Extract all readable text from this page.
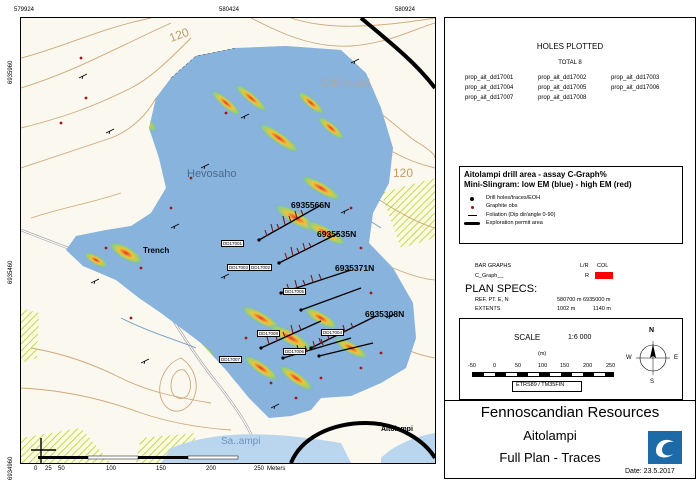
579924	580424	580924
6935960
6935460
6934960
Ollinmäki
Hevosaho
Trench
Aitolampi
Sa..ampi
120
120
6935566N
6935535N
6935371N
6935308N
DD17001
DD17002
DD17003
DD17004
DD17005
DD17006
DD17007
DD17008
0 25 50	100	150	200	250 Meters
HOLES PLOTTED
TOTAL 8
prop_ait_dd17001	prop_ait_dd17002	prop_ait_dd17003
prop_ait_dd17004	prop_ait_dd17005	prop_ait_dd17006
prop_ait_dd17007	prop_ait_dd17008
Aitolampi drill area - assay C-Graph%
Mini-Slingram: low EM (blue) - high EM (red)
Drill holes/traces/EOH
Graphite obs
Foliation (Dip dir/angle 0-90)
Exploration permit area
BAR GRAPHS	L/R COL
C_Graph__	R
PLAN SPECS:
REF. PT. E, N	580700 m 6935000 m
EXTENTS	1002 m	1140 m
SCALE	1:6 000
(m)
-50	0	50	100 150	200	250
ETRS89 / TM35FIN
N
S
E
W
Fennoscandian Resources
Aitolampi
Full Plan - Traces
Date: 23.5.2017
